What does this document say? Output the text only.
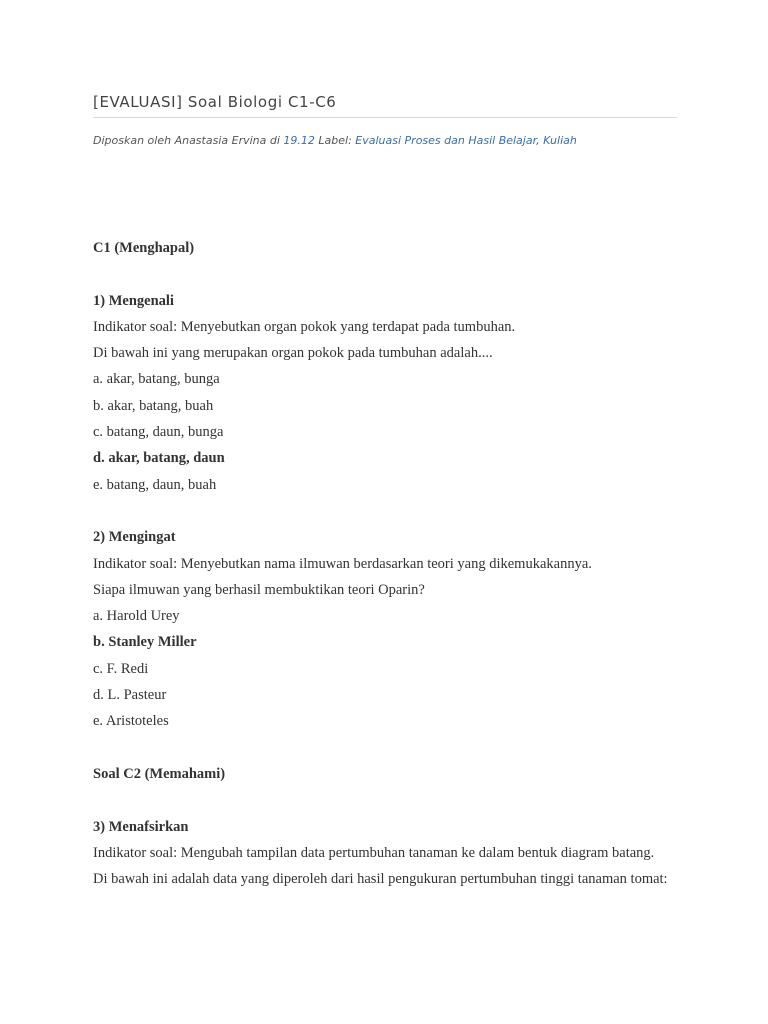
[EVALUASI] Soal Biologi C1-C6
Diposkan oleh Anastasia Ervina di 19.12 Label: Evaluasi Proses dan Hasil Belajar, Kuliah

C1 (Menghapal)

1) Mengenali

Indikator soal: Menyebutkan organ pokok yang terdapat pada tumbuhan.

Di bawah ini yang merupakan organ pokok pada tumbuhan adalah....

a. akar, batang, bunga

b. akar, batang, buah

c. batang, daun, bunga

d. akar, batang, daun

e. batang, daun, buah

2) Mengingat

Indikator soal: Menyebutkan nama ilmuwan berdasarkan teori yang dikemukakannya.

Siapa ilmuwan yang berhasil membuktikan teori Oparin?

a. Harold Urey

b. Stanley Miller

c. F. Redi

d. L. Pasteur

e. Aristoteles

Soal C2 (Memahami)

3) Menafsirkan

Indikator soal: Mengubah tampilan data pertumbuhan tanaman ke dalam bentuk diagram batang.

Di bawah ini adalah data yang diperoleh dari hasil pengukuran pertumbuhan tinggi tanaman tomat:
